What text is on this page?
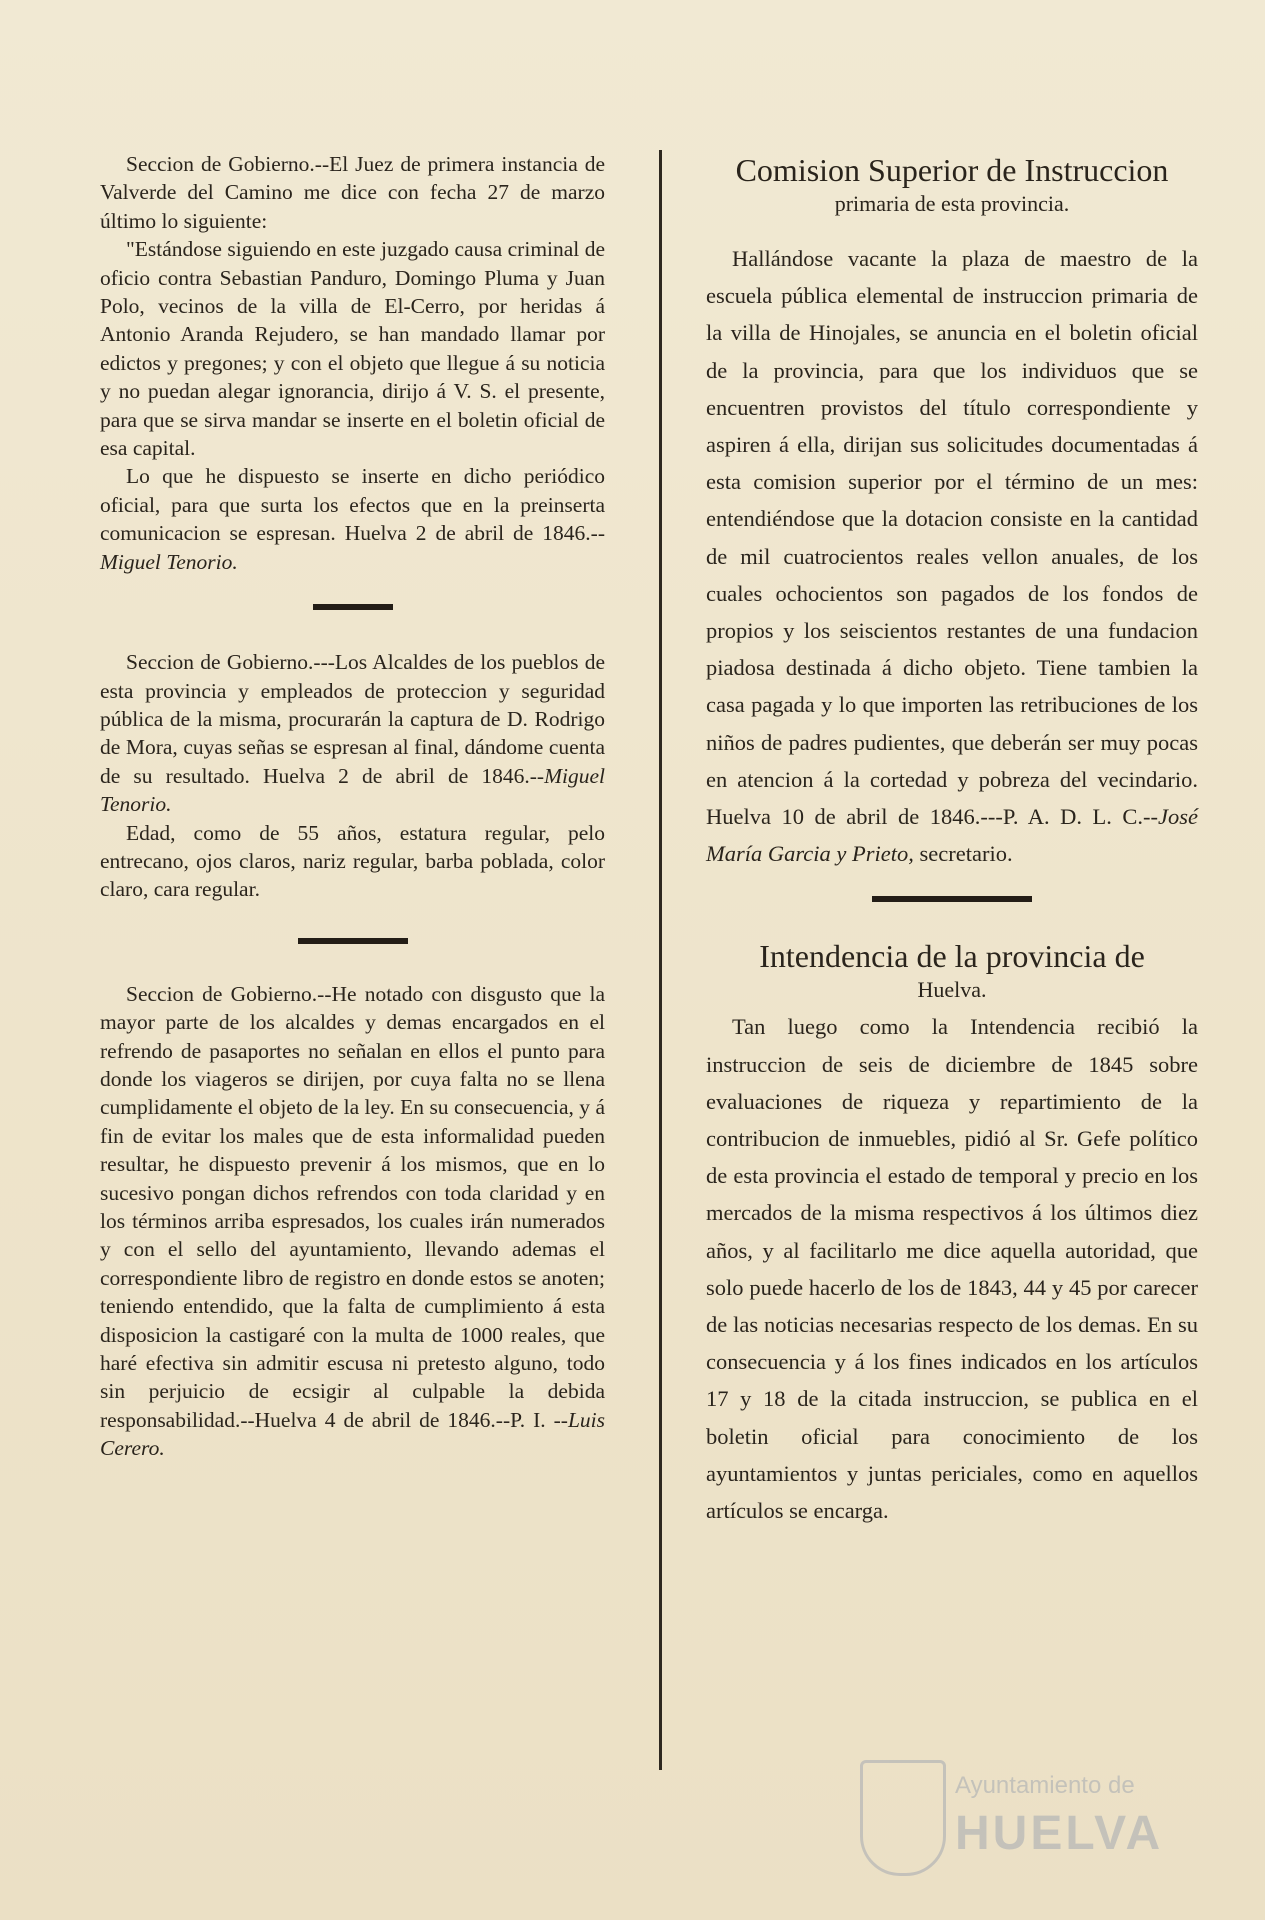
Seccion de Gobierno.--El Juez de primera instancia de Valverde del Camino me dice con fecha 27 de marzo último lo siguiente:

"Estándose siguiendo en este juzgado causa criminal de oficio contra Sebastian Panduro, Domingo Pluma y Juan Polo, vecinos de la villa de El-Cerro, por heridas á Antonio Aranda Rejudero, se han mandado llamar por edictos y pregones; y con el objeto que llegue á su noticia y no puedan alegar ignorancia, dirijo á V. S. el presente, para que se sirva mandar se inserte en el boletin oficial de esa capital.

Lo que he dispuesto se inserte en dicho periódico oficial, para que surta los efectos que en la preinserta comunicacion se espresan. Huelva 2 de abril de 1846.--Miguel Tenorio.

Seccion de Gobierno.---Los Alcaldes de los pueblos de esta provincia y empleados de proteccion y seguridad pública de la misma, procurarán la captura de D. Rodrigo de Mora, cuyas señas se espresan al final, dándome cuenta de su resultado. Huelva 2 de abril de 1846.--Miguel Tenorio.

Edad, como de 55 años, estatura regular, pelo entrecano, ojos claros, nariz regular, barba poblada, color claro, cara regular.

Seccion de Gobierno.--He notado con disgusto que la mayor parte de los alcaldes y demas encargados en el refrendo de pasaportes no señalan en ellos el punto para donde los viageros se dirijen, por cuya falta no se llena cumplidamente el objeto de la ley. En su consecuencia, y á fin de evitar los males que de esta informalidad pueden resultar, he dispuesto prevenir á los mismos, que en lo sucesivo pongan dichos refrendos con toda claridad y en los términos arriba espresados, los cuales irán numerados y con el sello del ayuntamiento, llevando ademas el correspondiente libro de registro en donde estos se anoten; teniendo entendido, que la falta de cumplimiento á esta disposicion la castigaré con la multa de 1000 reales, que haré efectiva sin admitir escusa ni pretesto alguno, todo sin perjuicio de ecsigir al culpable la debida responsabilidad.--Huelva 4 de abril de 1846.--P. I. --Luis Cerero.

Comision Superior de Instruccion
primaria de esta provincia.

Hallándose vacante la plaza de maestro de la escuela pública elemental de instruccion primaria de la villa de Hinojales, se anuncia en el boletin oficial de la provincia, para que los individuos que se encuentren provistos del título correspondiente y aspiren á ella, dirijan sus solicitudes documentadas á esta comision superior por el término de un mes: entendiéndose que la dotacion consiste en la cantidad de mil cuatrocientos reales vellon anuales, de los cuales ochocientos son pagados de los fondos de propios y los seiscientos restantes de una fundacion piadosa destinada á dicho objeto. Tiene tambien la casa pagada y lo que importen las retribuciones de los niños de padres pudientes, que deberán ser muy pocas en atencion á la cortedad y pobreza del vecindario. Huelva 10 de abril de 1846.---P. A. D. L. C.--José María Garcia y Prieto, secretario.

Intendencia de la provincia de
Huelva.

Tan luego como la Intendencia recibió la instruccion de seis de diciembre de 1845 sobre evaluaciones de riqueza y repartimiento de la contribucion de inmuebles, pidió al Sr. Gefe político de esta provincia el estado de temporal y precio en los mercados de la misma respectivos á los últimos diez años, y al facilitarlo me dice aquella autoridad, que solo puede hacerlo de los de 1843, 44 y 45 por carecer de las noticias necesarias respecto de los demas. En su consecuencia y á los fines indicados en los artículos 17 y 18 de la citada instruccion, se publica en el boletin oficial para conocimiento de los ayuntamientos y juntas periciales, como en aquellos artículos se encarga.

Ayuntamiento de
HUELVA
